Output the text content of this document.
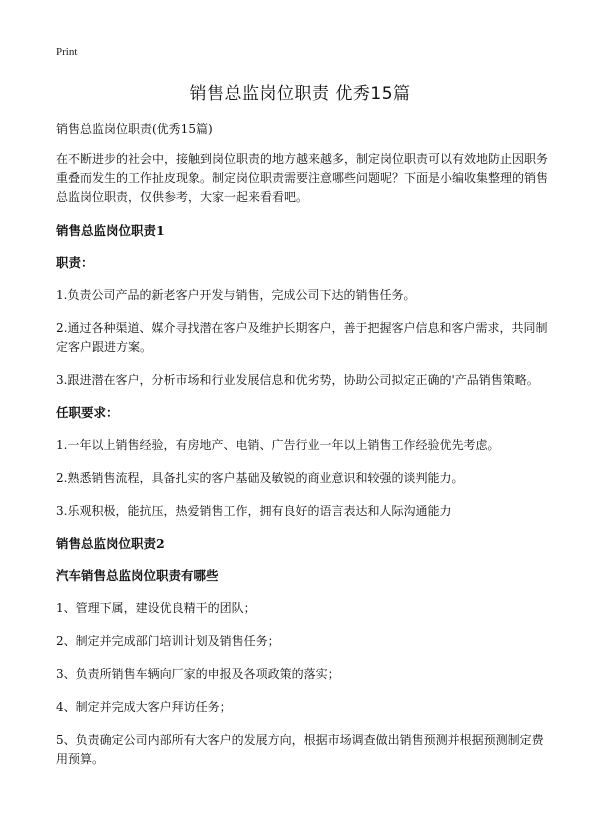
Print
销售总监岗位职责 优秀15篇
销售总监岗位职责(优秀15篇)
在不断进步的社会中，接触到岗位职责的地方越来越多，制定岗位职责可以有效地防止因职务重叠而发生的工作扯皮现象。制定岗位职责需要注意哪些问题呢？下面是小编收集整理的销售总监岗位职责，仅供参考，大家一起来看看吧。
销售总监岗位职责1
职责：
1.负责公司产品的新老客户开发与销售，完成公司下达的销售任务。
2.通过各种渠道、媒介寻找潜在客户及维护长期客户，善于把握客户信息和客户需求，共同制定客户跟进方案。
3.跟进潜在客户，分析市场和行业发展信息和优劣势，协助公司拟定正确的'产品销售策略。
任职要求：
1.一年以上销售经验，有房地产、电销、广告行业一年以上销售工作经验优先考虑。
2.熟悉销售流程，具备扎实的客户基础及敏锐的商业意识和较强的谈判能力。
3.乐观积极，能抗压，热爱销售工作，拥有良好的语言表达和人际沟通能力
销售总监岗位职责2
汽车销售总监岗位职责有哪些
1、管理下属，建设优良精干的团队；
2、制定并完成部门培训计划及销售任务；
3、负责所销售车辆向厂家的申报及各项政策的落实；
4、制定并完成大客户拜访任务；
5、负责确定公司内部所有大客户的发展方向，根据市场调查做出销售预测并根据预测制定费用预算。
